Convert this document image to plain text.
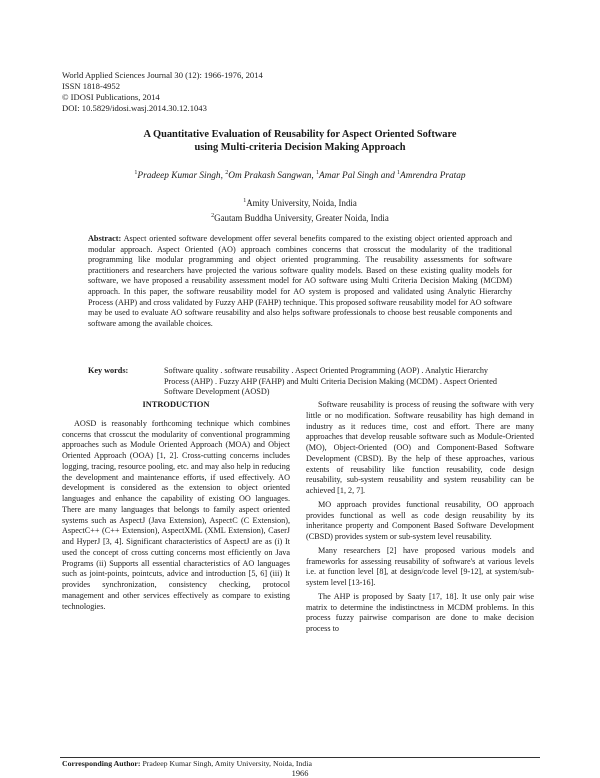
World Applied Sciences Journal 30 (12): 1966-1976, 2014
ISSN 1818-4952
© IDOSI Publications, 2014
DOI: 10.5829/idosi.wasj.2014.30.12.1043
A Quantitative Evaluation of Reusability for Aspect Oriented Software
using Multi-criteria Decision Making Approach
$^1$Pradeep Kumar Singh, $^2$Om Prakash Sangwan, $^1$Amar Pal Singh and $^1$Amrendra Pratap
$^1$Amity University, Noida, India
$^2$Gautam Buddha University, Greater Noida, India
Abstract: Aspect oriented software development offer several benefits compared to the existing object oriented approach and modular approach. Aspect Oriented (AO) approach combines concerns that crosscut the modularity of the traditional programming like modular programming and object oriented programming. The reusability assessments for software practitioners and researchers have projected the various software quality models. Based on these existing quality models for software, we have proposed a reusability assessment model for AO software using Multi Criteria Decision Making (MCDM) approach. In this paper, the software reusability model for AO system is proposed and validated using Analytic Hierarchy Process (AHP) and cross validated by Fuzzy AHP (FAHP) technique. This proposed software reusability model for AO software may be used to evaluate AO software reusability and also helps software professionals to choose best reusable components and software among the available choices.
Key words:	Software quality . software reusability . Aspect Oriented Programming (AOP) . Analytic Hierarchy Process (AHP) . Fuzzy AHP (FAHP) and Multi Criteria Decision Making (MCDM) . Aspect Oriented Software Development (AOSD)
INTRODUCTION

AOSD is reasonably forthcoming technique which combines concerns that crosscut the modularity of conventional programming approaches such as Module Oriented Approach (MOA) and Object Oriented Approach (OOA) [1, 2]. Cross-cutting concerns includes logging, tracing, resource pooling, etc. and may also help in reducing the development and maintenance efforts, if used effectively. AO development is considered as the extension to object oriented languages and enhance the capability of existing OO languages. There are many languages that belongs to family aspect oriented systems such as AspectJ (Java Extension), AspectC (C Extension), AspectC++ (C++ Extension), AspectXML (XML Extension), CaserJ and HyperJ [3, 4]. Significant characteristics of AspectJ are as (i) It used the concept of cross cutting concerns most efficiently on Java Programs (ii) Supports all essential characteristics of AO languages such as joint-points, pointcuts, advice and introduction [5, 6] (iii) It provides synchronization, consistency checking, protocol management and other services effectively as compare to existing technologies.

Software reusability is process of reusing the software with very little or no modification. Software reusability has high demand in industry as it reduces time, cost and effort. There are many approaches that develop reusable software such as Module-Oriented (MO), Object-Oriented (OO) and Component-Based Software Development (CBSD). By the help of these approaches, various extents of reusability like function reusability, code design reusability, sub-system reusability and system reusability can be achieved [1, 2, 7].

MO approach provides functional reusability, OO approach provides functional as well as code design reusability by its inheritance property and Component Based Software Development (CBSD) provides system or sub-system level reusability.

Many researchers [2] have proposed various models and frameworks for assessing reusability of software's at various levels i.e. at function level [8], at design/code level [9-12], at system/sub-system level [13-16].

The AHP is proposed by Saaty [17, 18]. It use only pair wise matrix to determine the indistinctness in MCDM problems. In this process fuzzy pairwise comparison are done to make decision process to

Corresponding Author: Pradeep Kumar Singh, Amity University, Noida, India
1966
